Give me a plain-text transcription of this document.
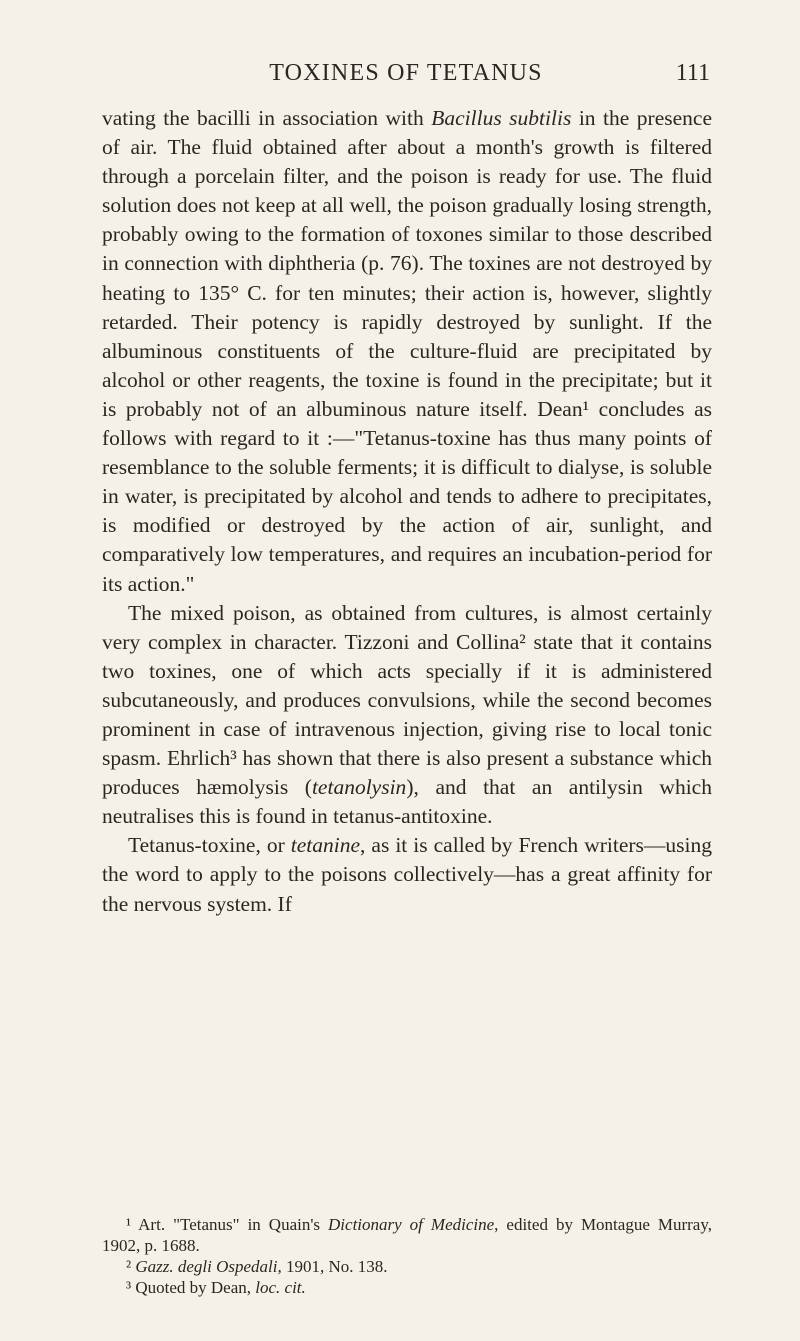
TOXINES OF TETANUS	111

vating the bacilli in association with Bacillus subtilis in the presence of air. The fluid obtained after about a month's growth is filtered through a porcelain filter, and the poison is ready for use. The fluid solution does not keep at all well, the poison gradually losing strength, probably owing to the formation of toxones similar to those described in connection with diphtheria (p. 76). The toxines are not destroyed by heating to 135° C. for ten minutes; their action is, however, slightly retarded. Their potency is rapidly destroyed by sunlight. If the albuminous constituents of the culture-fluid are precipitated by alcohol or other reagents, the toxine is found in the precipitate; but it is probably not of an albuminous nature itself. Dean¹ concludes as follows with regard to it :—"Tetanus-toxine has thus many points of resemblance to the soluble ferments; it is difficult to dialyse, is soluble in water, is precipitated by alcohol and tends to adhere to precipitates, is modified or destroyed by the action of air, sunlight, and comparatively low temperatures, and requires an incubation-period for its action."

The mixed poison, as obtained from cultures, is almost certainly very complex in character. Tizzoni and Collina² state that it contains two toxines, one of which acts specially if it is administered subcutaneously, and produces convulsions, while the second becomes prominent in case of intravenous injection, giving rise to local tonic spasm. Ehrlich³ has shown that there is also present a substance which produces hæmolysis (tetanolysin), and that an antilysin which neutralises this is found in tetanus-antitoxine.

Tetanus-toxine, or tetanine, as it is called by French writers—using the word to apply to the poisons collectively—has a great affinity for the nervous system. If

¹ Art. "Tetanus" in Quain's Dictionary of Medicine, edited by Montague Murray, 1902, p. 1688.

² Gazz. degli Ospedali, 1901, No. 138.

³ Quoted by Dean, loc. cit.
